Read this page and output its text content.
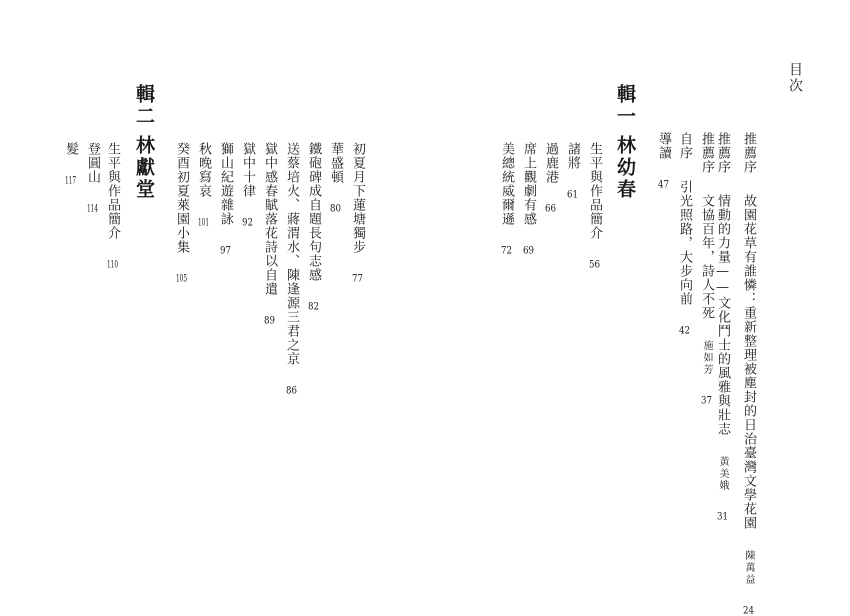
目次
推薦序故園花草有誰憐：重新整理被塵封的日治臺灣文學花園陳萬益24
推薦序情動的力量——文化鬥士的風雅與壯志黃美娥31
推薦序文協百年，詩人不死施如芳37
自序引光照路，大步向前42
導讀47
輯一
林幼春
生平與作品簡介56
諸將61
過鹿港66
席上觀劇有感69
美總統威爾遜72
初夏月下蓮塘獨步77
華盛頓80
鐵砲碑成自題長句志感82
送蔡培火、蔣渭水、陳逢源三君之京86
獄中感春賦落花詩以自遣89
獄中十律92
獅山紀遊雜詠97
秋晚寫哀101
癸酉初夏萊園小集105
輯二
林獻堂
生平與作品簡介110
登圓山114
髮117
